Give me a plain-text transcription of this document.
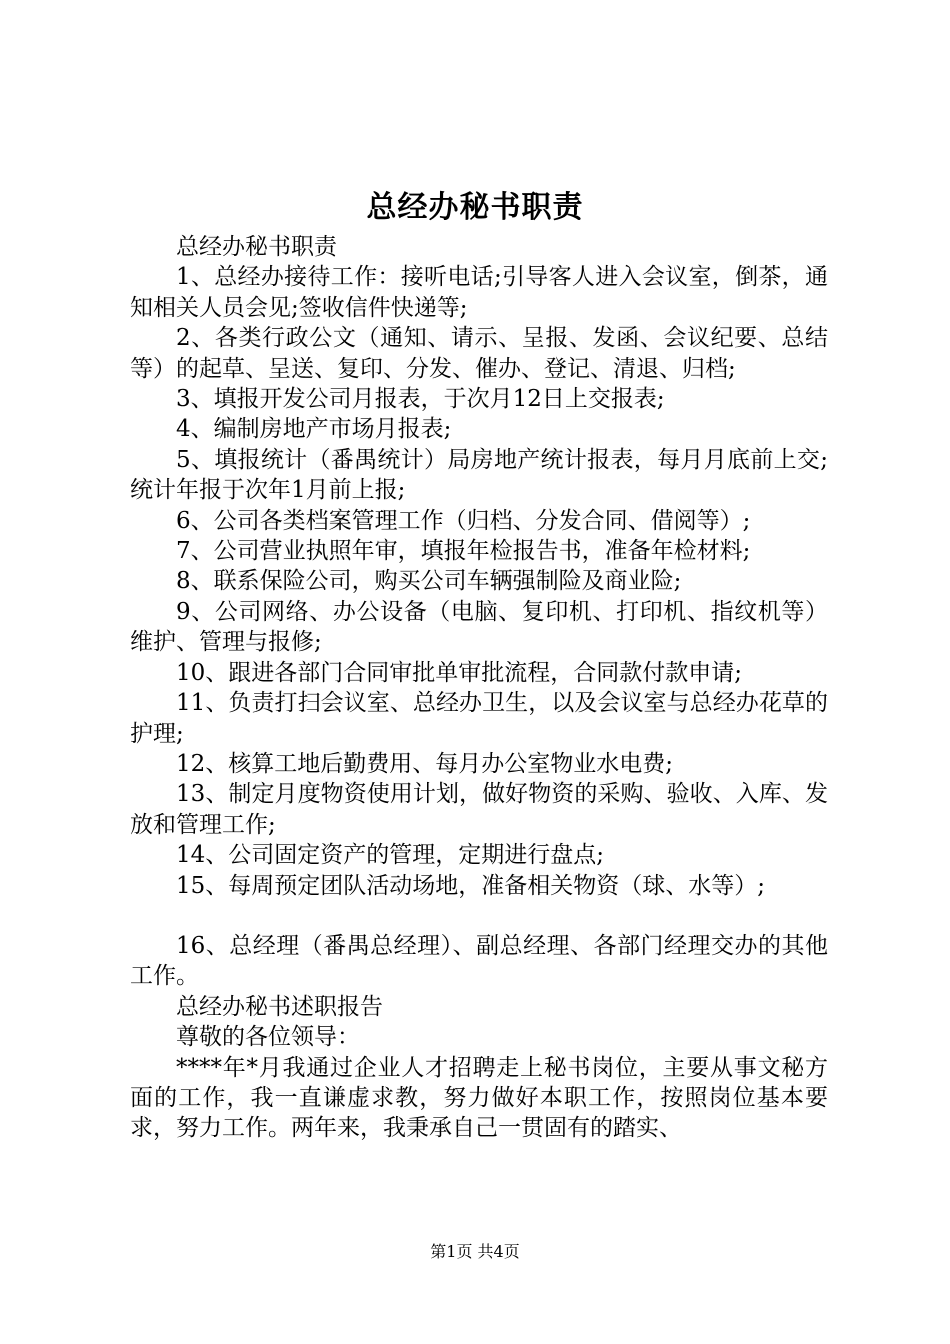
总经办秘书职责

总经办秘书职责

1、总经办接待工作：接听电话;引导客人进入会议室，倒茶，通知相关人员会见;签收信件快递等;

2、各类行政公文（通知、请示、呈报、发函、会议纪要、总结等）的起草、呈送、复印、分发、催办、登记、清退、归档;

3、填报开发公司月报表，于次月12日上交报表;

4、编制房地产市场月报表;

5、填报统计（番禺统计）局房地产统计报表，每月月底前上交;统计年报于次年1月前上报;

6、公司各类档案管理工作（归档、分发合同、借阅等）;

7、公司营业执照年审，填报年检报告书，准备年检材料;

8、联系保险公司，购买公司车辆强制险及商业险;

9、公司网络、办公设备（电脑、复印机、打印机、指纹机等）维护、管理与报修;

10、跟进各部门合同审批单审批流程，合同款付款申请;

11、负责打扫会议室、总经办卫生，以及会议室与总经办花草的护理;

12、核算工地后勤费用、每月办公室物业水电费;

13、制定月度物资使用计划，做好物资的采购、验收、入库、发放和管理工作;

14、公司固定资产的管理，定期进行盘点;

15、每周预定团队活动场地，准备相关物资（球、水等）;

16、总经理（番禺总经理）、副总经理、各部门经理交办的其他工作。

总经办秘书述职报告

尊敬的各位领导：

****年*月我通过企业人才招聘走上秘书岗位，主要从事文秘方面的工作，我一直谦虚求教，努力做好本职工作，按照岗位基本要求，努力工作。两年来，我秉承自己一贯固有的踏实、

第1页 共4页
